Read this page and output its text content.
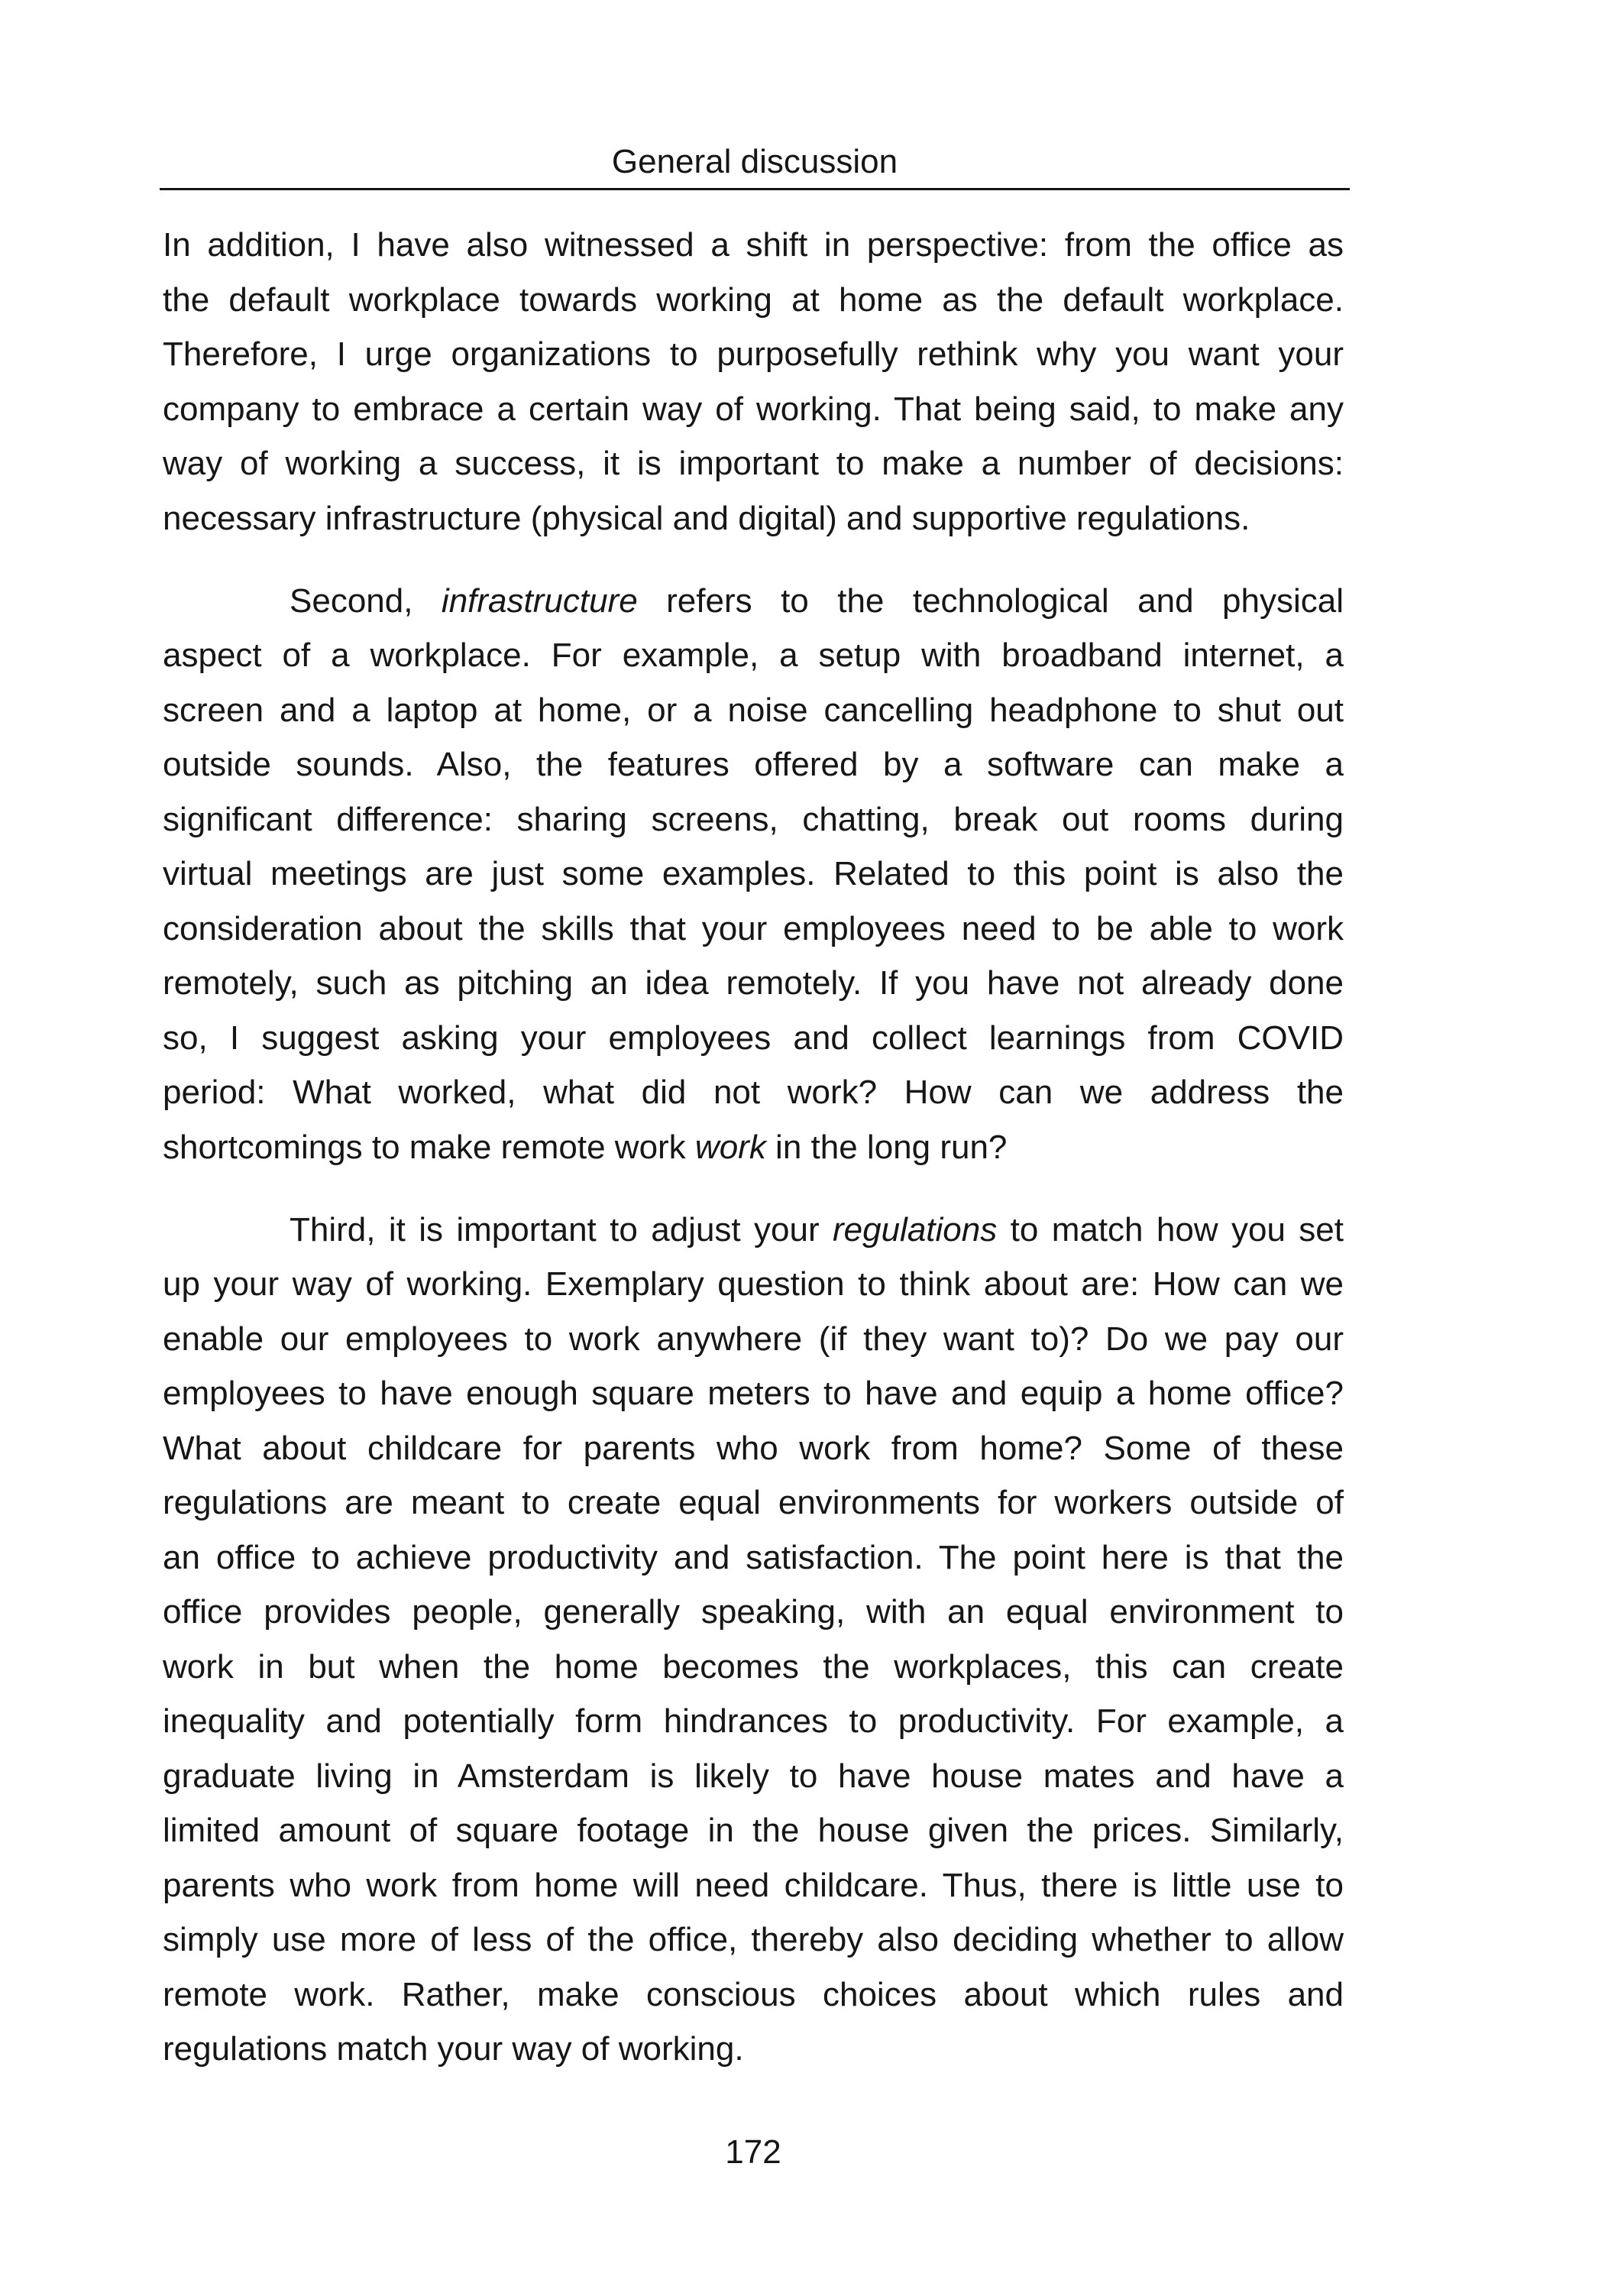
General discussion
In addition, I have also witnessed a shift in perspective: from the office as
the default workplace towards working at home as the default workplace.
Therefore, I urge organizations to purposefully rethink why you want your
company to embrace a certain way of working. That being said, to make any
way of working a success, it is important to make a number of decisions:
necessary infrastructure (physical and digital) and supportive regulations.
Second, infrastructure refers to the technological and physical
aspect of a workplace. For example, a setup with broadband internet, a
screen and a laptop at home, or a noise cancelling headphone to shut out
outside sounds. Also, the features offered by a software can make a
significant difference: sharing screens, chatting, break out rooms during
virtual meetings are just some examples. Related to this point is also the
consideration about the skills that your employees need to be able to work
remotely, such as pitching an idea remotely. If you have not already done
so, I suggest asking your employees and collect learnings from COVID
period: What worked, what did not work? How can we address the
shortcomings to make remote work work in the long run?
Third, it is important to adjust your regulations to match how you set
up your way of working. Exemplary question to think about are: How can we
enable our employees to work anywhere (if they want to)? Do we pay our
employees to have enough square meters to have and equip a home office?
What about childcare for parents who work from home? Some of these
regulations are meant to create equal environments for workers outside of
an office to achieve productivity and satisfaction. The point here is that the
office provides people, generally speaking, with an equal environment to
work in but when the home becomes the workplaces, this can create
inequality and potentially form hindrances to productivity. For example, a
graduate living in Amsterdam is likely to have house mates and have a
limited amount of square footage in the house given the prices. Similarly,
parents who work from home will need childcare. Thus, there is little use to
simply use more of less of the office, thereby also deciding whether to allow
remote work. Rather, make conscious choices about which rules and
regulations match your way of working.
172
